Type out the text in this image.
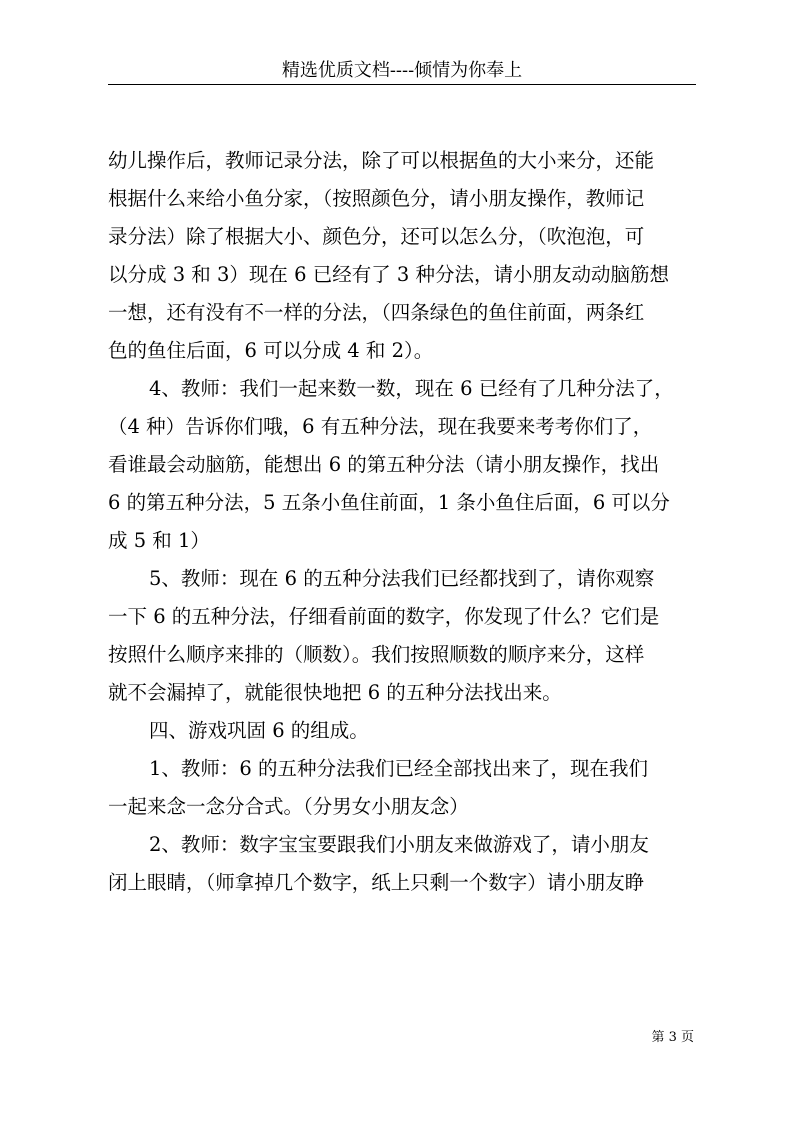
精选优质文档----倾情为你奉上
幼儿操作后，教师记录分法，除了可以根据鱼的大小来分，还能
根据什么来给小鱼分家，（按照颜色分，请小朋友操作，教师记
录分法）除了根据大小、颜色分，还可以怎么分，（吹泡泡，可
以分成 3 和 3）现在 6 已经有了 3 种分法，请小朋友动动脑筋想
一想，还有没有不一样的分法，（四条绿色的鱼住前面，两条红
色的鱼住后面，6 可以分成 4 和 2）。
4、教师：我们一起来数一数，现在 6 已经有了几种分法了，
（4 种）告诉你们哦，6 有五种分法，现在我要来考考你们了，
看谁最会动脑筋，能想出 6 的第五种分法（请小朋友操作，找出
6 的第五种分法，5 五条小鱼住前面，1 条小鱼住后面，6 可以分
成 5 和 1）
5、教师：现在 6 的五种分法我们已经都找到了，请你观察
一下 6 的五种分法，仔细看前面的数字，你发现了什么？它们是
按照什么顺序来排的（顺数）。我们按照顺数的顺序来分，这样
就不会漏掉了，就能很快地把 6 的五种分法找出来。
四、游戏巩固 6 的组成。
1、教师：6 的五种分法我们已经全部找出来了，现在我们
一起来念一念分合式。（分男女小朋友念）
2、教师：数字宝宝要跟我们小朋友来做游戏了，请小朋友
闭上眼睛，（师拿掉几个数字，纸上只剩一个数字）请小朋友睁
第 3 页
